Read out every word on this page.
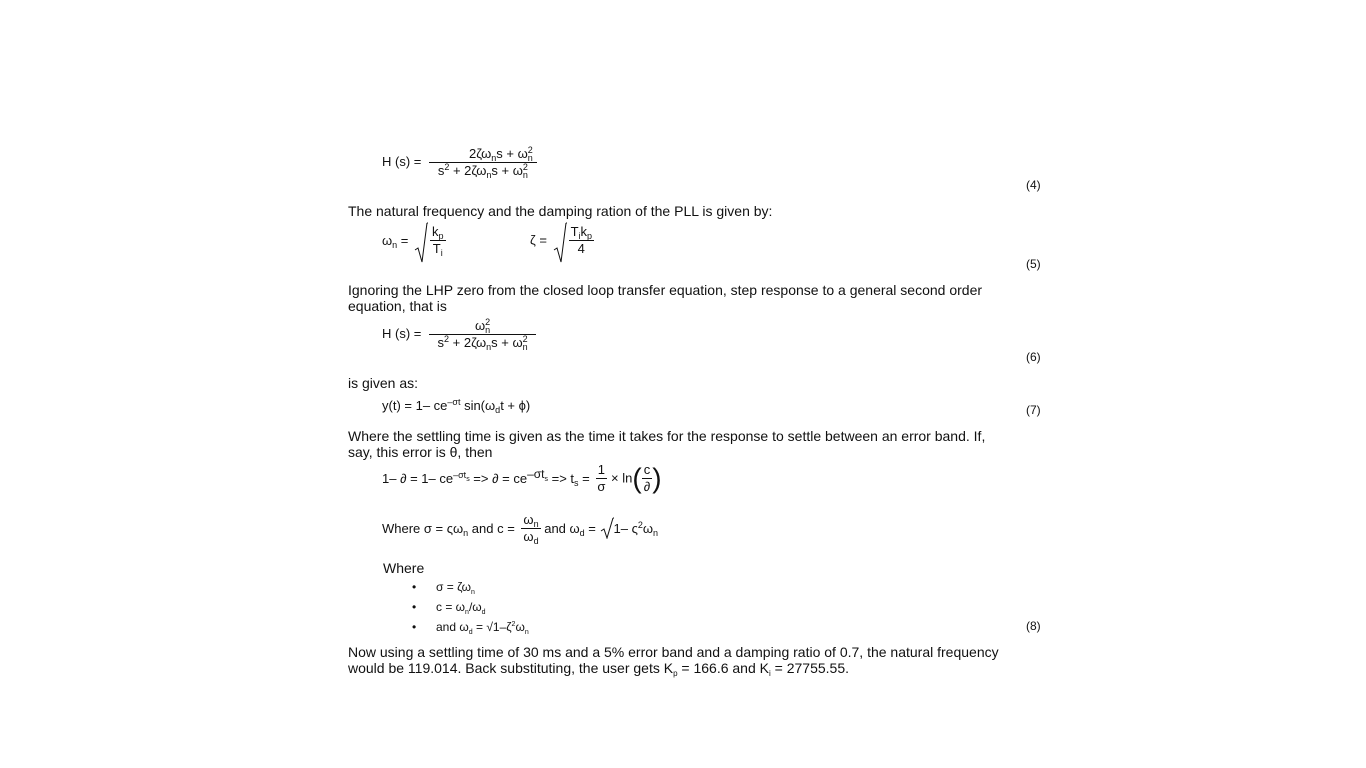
H $(s) = \frac{2\zeta\omega_ns + \omega^2_n}{s^2 + 2\zeta\omega_ns + \omega^2_n}$
(4)
The natural frequency and the damping ration of the PLL is given by:
$\omega_n = \frac{k_p}{T_i}$	$\zeta = \frac{T_ik_p}{4}$
(5)
Ignoring the LHP zero from the closed loop transfer equation, step response to a general second order
equation, that is
H $(s) = \frac{\omega^2_n}{s^2 + 2\zeta\omega_ns + \omega^2_n}$
(6)
is given as:
y(t) = 1– $ce^{-\sigma t}$ $\sin(\omega_dt + \phi)$	(7)
Where the settling time is given as the time it takes for the response to settle between an error band. If,
say, this error is θ, then
1– ∂ = 1– $ce^{-\sigma t_s}$ => ∂ = $ce^{-\sigma t_s} => t_s = \frac{1}{\sigma} \times \ln( \frac{c}{\partial}$ )
Where $\sigma = \varsigma\omega_n$ and $c = \frac{\omega_n}{\omega_d}$ and $\omega_d = 1-$ $\varsigma^2\omega_n$
Where
• $\sigma = \zeta\omega_n$
• $c = \omega_n/\omega_d$
• and $\omega_d = √1-\zeta^2\omega_n$	(8)
Now using a settling time of 30 ms and a 5% error band and a damping ratio of 0.7, the natural frequency
would be 119.014. Back substituting, the user gets $K_p = 166.6$ and $K_i = 27755.55$.
